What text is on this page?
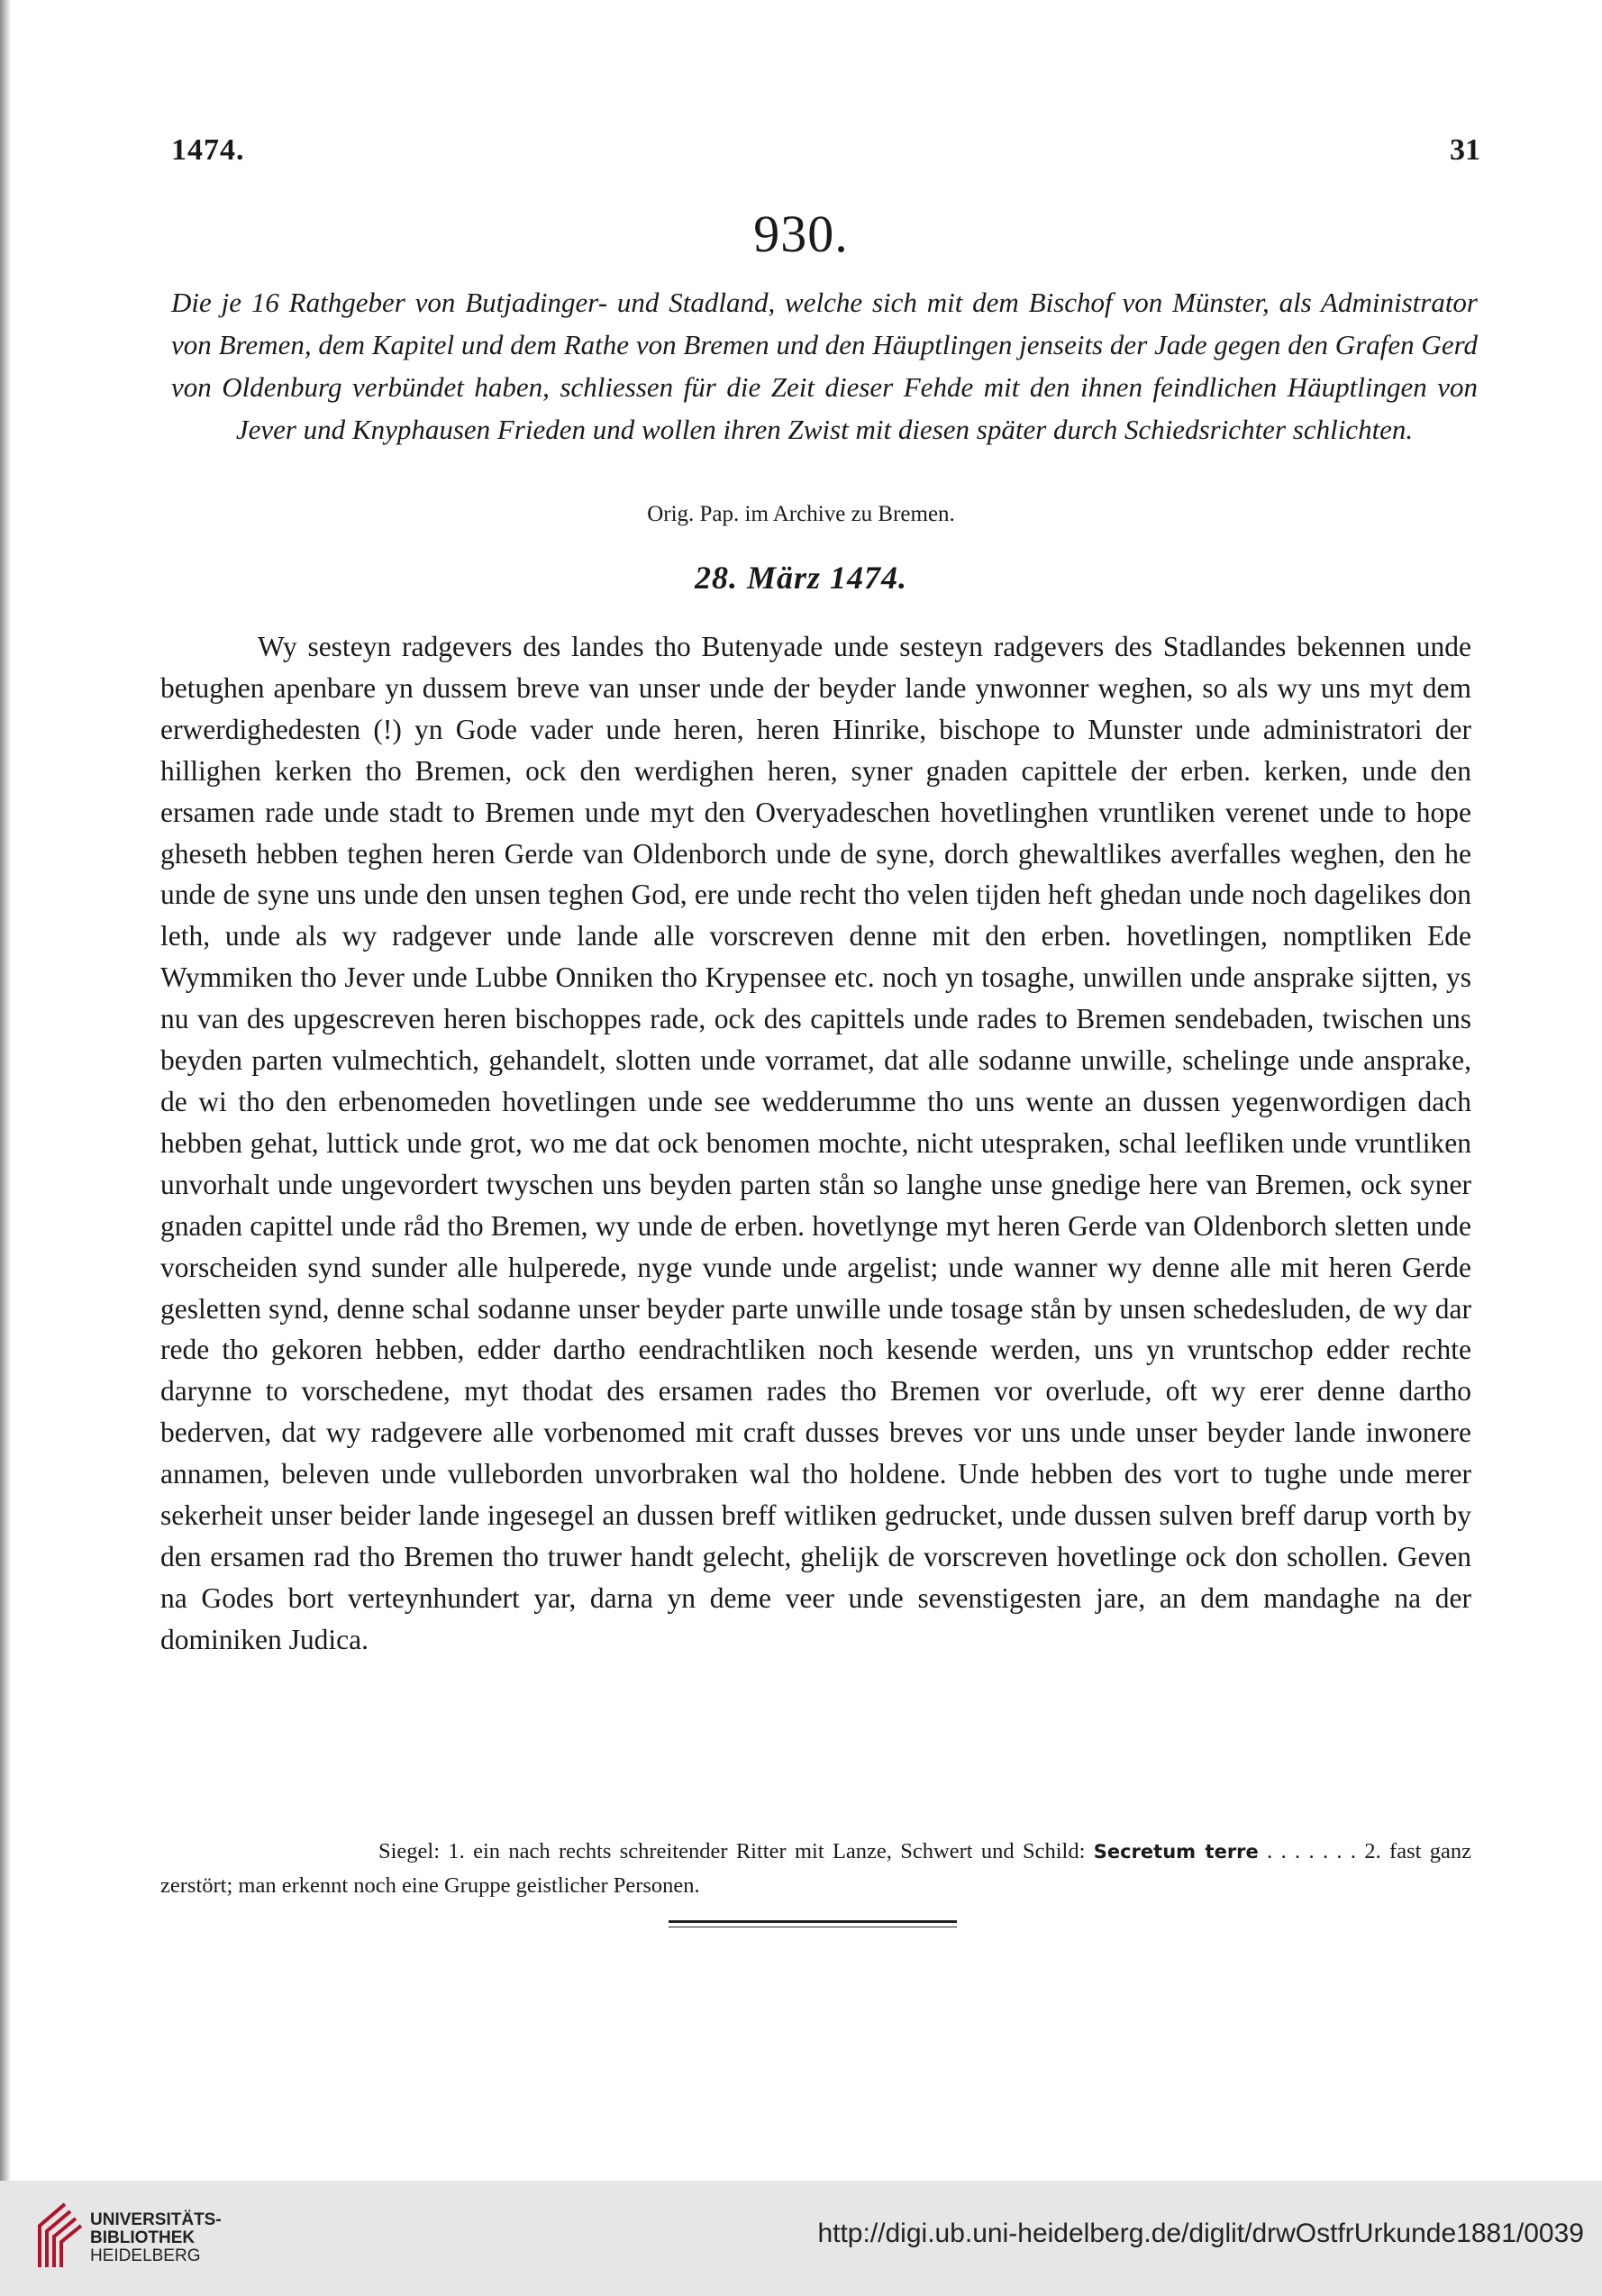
1474.	31
930.
Die je 16 Rathgeber von Butjadinger- und Stadland, welche sich mit dem Bischof von Münster, als Administrator von Bremen, dem Kapitel und dem Rathe von Bremen und den Häuptlingen jenseits der Jade gegen den Grafen Gerd von Oldenburg verbündet haben, schliessen für die Zeit dieser Fehde mit den ihnen feindlichen Häuptlingen von Jever und Knyphausen Frieden und wollen ihren Zwist mit diesen später durch Schiedsrichter schlichten.
Orig. Pap. im Archive zu Bremen.
28. März 1474.
Wy sesteyn radgevers des landes tho Butenyade unde sesteyn radgevers des Stadlandes bekennen unde betughen apenbare yn dussem breve van unser unde der beyder lande ynwonner weghen, so als wy uns myt dem erwerdighedesten (!) yn Gode vader unde heren, heren Hinrike, bischope to Munster unde administratori der hillighen kerken tho Bremen, ock den werdighen heren, syner gnaden capittele der erben. kerken, unde den ersamen rade unde stadt to Bremen unde myt den Overyadeschen hovetlinghen vruntliken verenet unde to hope gheseth hebben teghen heren Gerde van Oldenborch unde de syne, dorch ghewaltlikes averfalles weghen, den he unde de syne uns unde den unsen teghen God, ere unde recht tho velen tijden heft ghedan unde noch dagelikes don leth, unde als wy radgever unde lande alle vorscreven denne mit den erben. hovetlingen, nomptliken Ede Wymmiken tho Jever unde Lubbe Onniken tho Krypensee etc. noch yn tosaghe, unwillen unde ansprake sijtten, ys nu van des upgescreven heren bischoppes rade, ock des capittels unde rades to Bremen sendebaden, twischen uns beyden parten vulmechtich, gehandelt, slotten unde vorramet, dat alle sodanne unwille, schelinge unde ansprake, de wi tho den erbenomeden hovetlingen unde see wedderumme tho uns wente an dussen yegenwordigen dach hebben gehat, luttick unde grot, wo me dat ock benomen mochte, nicht utespraken, schal leefliken unde vruntliken unvorhalt unde ungevordert twyschen uns beyden parten stån so langhe unse gnedige here van Bremen, ock syner gnaden capittel unde råd tho Bremen, wy unde de erben. hovetlynge myt heren Gerde van Oldenborch sletten unde vorscheiden synd sunder alle hulperede, nyge vunde unde argelist; unde wanner wy denne alle mit heren Gerde gesletten synd, denne schal sodanne unser beyder parte unwille unde tosage stån by unsen schedesluden, de wy dar rede tho gekoren hebben, edder dartho eendrachtliken noch kesende werden, uns yn vruntschop edder rechte darynne to vorschedene, myt thodat des ersamen rades tho Bremen vor overlude, oft wy erer denne dartho bederven, dat wy radgevere alle vorbenomed mit craft dusses breves vor uns unde unser beyder lande inwonere annamen, beleven unde vulleborden unvorbraken wal tho holdene. Unde hebben des vort to tughe unde merer sekerheit unser beider lande ingesegel an dussen breff witliken gedrucket, unde dussen sulven breff darup vorth by den ersamen rad tho Bremen tho truwer handt gelecht, ghelijk de vorscreven hovetlinge ock don schollen. Geven na Godes bort verteynhundert yar, darna yn deme veer unde sevenstigesten jare, an dem mandaghe na der dominiken Judica.
Siegel: 1. ein nach rechts schreitender Ritter mit Lanze, Schwert und Schild: Secretum terre . . . . . . . 2. fast ganz zerstört; man erkennt noch eine Gruppe geistlicher Personen.
UNIVERSITÄTS-
BIBLIOTHEK
HEIDELBERG
http://digi.ub.uni-heidelberg.de/diglit/drwOstfrUrkunde1881/0039
